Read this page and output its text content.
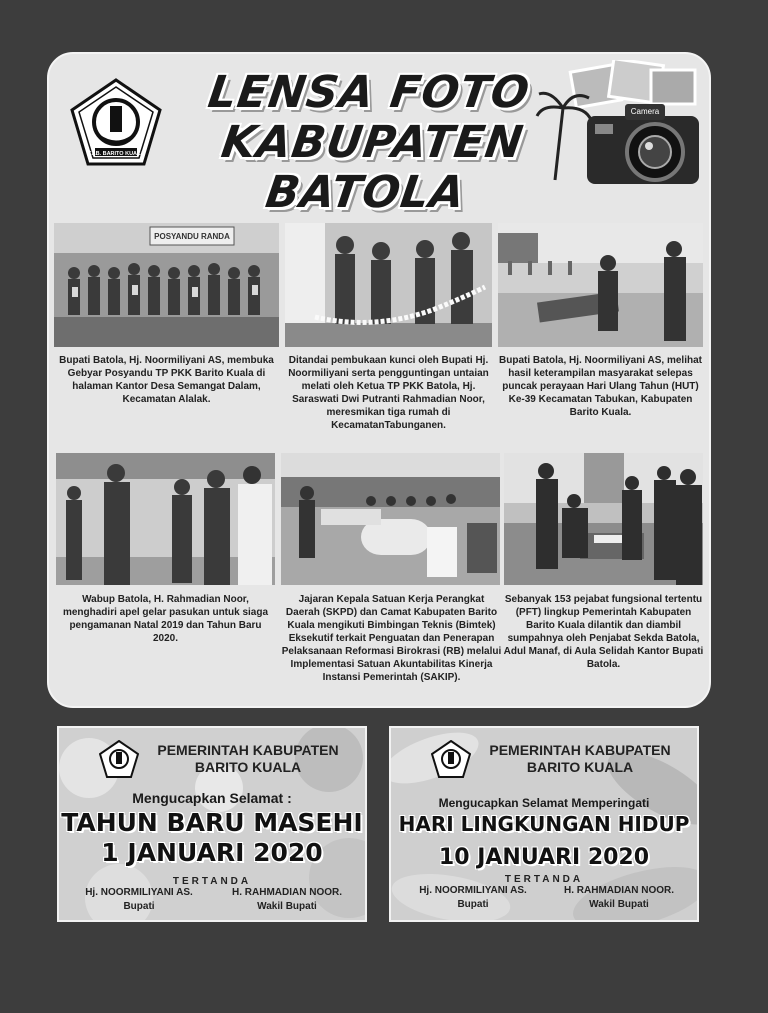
KAB. BARITO KUALA
LENSA FOTO
KABUPATEN BATOLA
Camera
POSYANDU RANDA
Bupati Batola, Hj. Noormiliyani AS, membuka Gebyar Posyandu TP PKK Barito Kuala di halaman Kantor Desa Semangat Dalam, Kecamatan Alalak.
Ditandai pembukaan kunci oleh Bupati Hj. Noormiliyani serta pengguntingan untaian melati oleh Ketua TP PKK Batola, Hj. Saraswati Dwi Putranti Rahmadian Noor, meresmikan tiga rumah di KecamatanTabunganen.
Bupati Batola, Hj. Noormiliyani AS, melihat hasil keterampilan masyarakat selepas puncak perayaan Hari Ulang Tahun (HUT) Ke-39 Kecamatan Tabukan, Kabupaten Barito Kuala.
Wabup Batola, H. Rahmadian Noor, menghadiri apel gelar pasukan untuk siaga pengamanan Natal 2019 dan Tahun Baru 2020.
Jajaran Kepala Satuan Kerja Perangkat Daerah (SKPD) dan Camat Kabupaten Barito Kuala mengikuti Bimbingan Teknis (Bimtek) Eksekutif terkait Penguatan dan Penerapan Pelaksanaan Reformasi Birokrasi (RB) melalui Implementasi Satuan Akuntabilitas Kinerja Instansi Pemerintah (SAKIP).
Sebanyak 153 pejabat fungsional tertentu (PFT) lingkup Pemerintah Kabupaten Barito Kuala dilantik dan diambil sumpahnya oleh Penjabat Sekda Batola, Adul Manaf, di Aula Selidah Kantor Bupati Batola.
PEMERINTAH KABUPATEN
BARITO KUALA
Mengucapkan Selamat :
TAHUN BARU MASEHI
1 JANUARI 2020
TERTANDA
Hj. NOORMILIYANI AS.
Bupati
H. RAHMADIAN NOOR.
Wakil Bupati
PEMERINTAH KABUPATEN
BARITO KUALA
Mengucapkan Selamat Memperingati
HARI LINGKUNGAN HIDUP
10 JANUARI 2020
TERTANDA
Hj. NOORMILIYANI AS.
Bupati
H. RAHMADIAN NOOR.
Wakil Bupati
